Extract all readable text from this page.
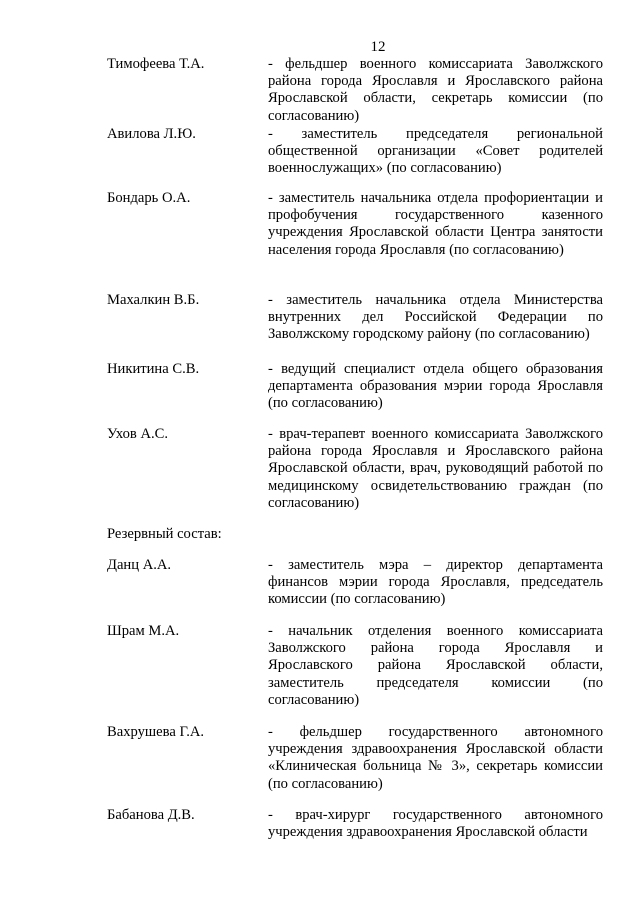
12
Тимофеева Т.А.	- фельдшер военного комиссариата Заволжского района города Ярославля и Ярославского района Ярославской области, секретарь комиссии (по согласованию)
Авилова Л.Ю.	- заместитель председателя региональной общественной организации «Совет родителей военнослужащих» (по согласованию)
Бондарь О.А.	- заместитель начальника отдела профориентации и профобучения государственного казенного учреждения Ярославской области Центра занятости населения города Ярославля (по согласованию)
Махалкин В.Б.	- заместитель начальника отдела Министерства внутренних дел Российской Федерации по Заволжскому городскому району (по согласованию)
Никитина С.В.	- ведущий специалист отдела общего образования департамента образования мэрии города Ярославля (по согласованию)
Ухов А.С.	- врач-терапевт военного комиссариата Заволжского района города Ярославля и Ярославского района Ярославской области, врач, руководящий работой по медицинскому освидетельствованию граждан (по согласованию)
Резервный состав:
Данц А.А.	- заместитель мэра – директор департамента финансов мэрии города Ярославля, председатель комиссии (по согласованию)
Шрам М.А.	- начальник отделения военного комиссариата Заволжского района города Ярославля и Ярославского района Ярославской области, заместитель председателя комиссии (по согласованию)
Вахрушева Г.А.	- фельдшер государственного автономного учреждения здравоохранения Ярославской области «Клиническая больница № 3», секретарь комиссии (по согласованию)
Бабанова Д.В.	- врач-хирург государственного автономного учреждения здравоохранения Ярославской области
